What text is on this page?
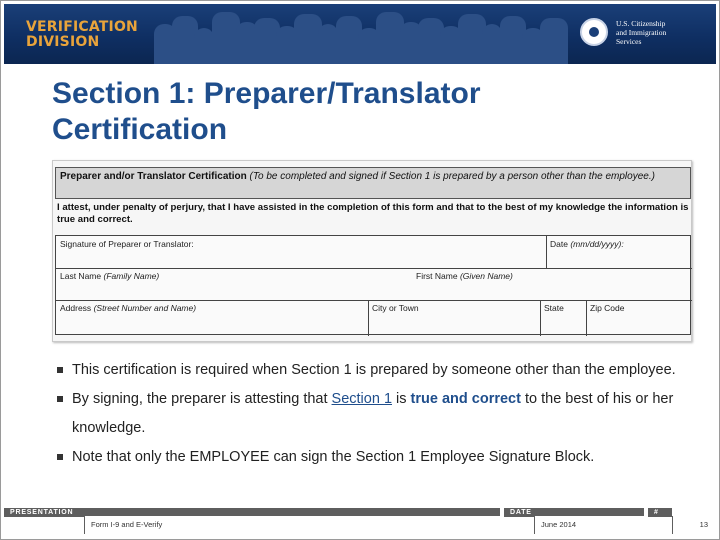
VERIFICATION
DIVISION
U.S. Citizenship
and Immigration
Services
Section 1: Preparer/Translator
Certification
Preparer and/or Translator Certification (To be completed and signed if Section 1 is prepared by a person other than the employee.)
I attest, under penalty of perjury, that I have assisted in the completion of this form and that to the best of my knowledge the information is true and correct.
Signature of Preparer or Translator:	Date (mm/dd/yyyy):
Last Name (Family Name)	First Name (Given Name)
Address (Street Number and Name)	City or Town	State	Zip Code
This certification is required when Section 1 is prepared by someone other than the employee.
By signing, the preparer is attesting that Section 1 is true and correct to the best of his or her knowledge.
Note that only the EMPLOYEE can sign the Section 1 Employee Signature Block.
PRESENTATION
Form I-9 and E-Verify
DATE
June 2014
#
13
